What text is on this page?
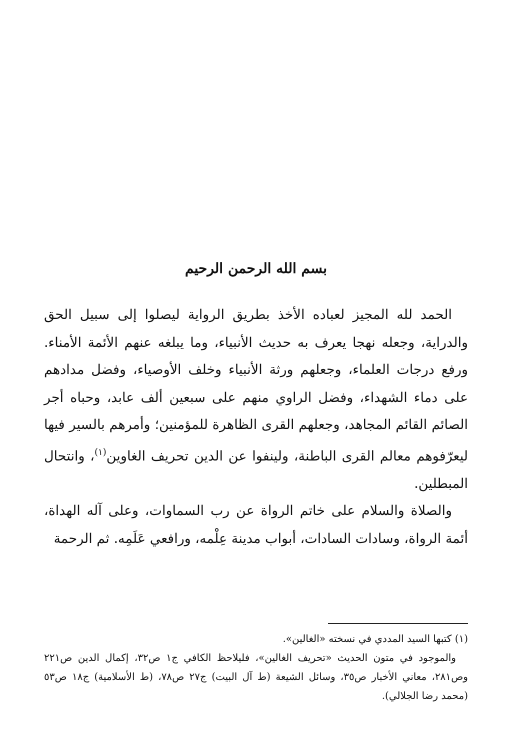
بسم الله الرحمن الرحيم

الحمد لله المجيز لعباده الأخذ بطريق الرواية ليصلوا إلى سبيل الحق والدراية، وجعله نهجا يعرف به حديث الأنبياء، وما يبلغه عنهم الأئمة الأمناء. ورفع درجات العلماء، وجعلهم ورثة الأنبياء وخلف الأوصياء، وفضل مدادهم على دماء الشهداء، وفضل الراوي منهم على سبعين ألف عابد، وحباه أجر الصائم القائم المجاهد، وجعلهم القرى الظاهرة للمؤمنين؛ وأمرهم بالسير فيها ليعرّفوهم معالم القرى الباطنة، ولينفوا عن الدين تحريف الغاوين$^{(١)}$، وانتحال المبطلين.

والصلاة والسلام على خاتم الرواة عن رب السماوات، وعلى آله الهداة، أئمة الرواة، وسادات السادات، أبواب مدينة عِلْمه، ورافعي عَلَمِه. ثم الرحمة

(١) كتبها السيد المددي في نسخته «الغالين».

والموجود في متون الحديث «تحريف الغالين»، فليلاحظ الكافي ج١ ص٣٢، إكمال الدين ص٢٢١ وص٢٨١، معاني الأخبار ص٣٥، وسائل الشيعة (ط آل البيت) ج٢٧ ص٧٨، (ط الأسلامية) ج١٨ ص٥٣ (محمد رضا الجلالي).
